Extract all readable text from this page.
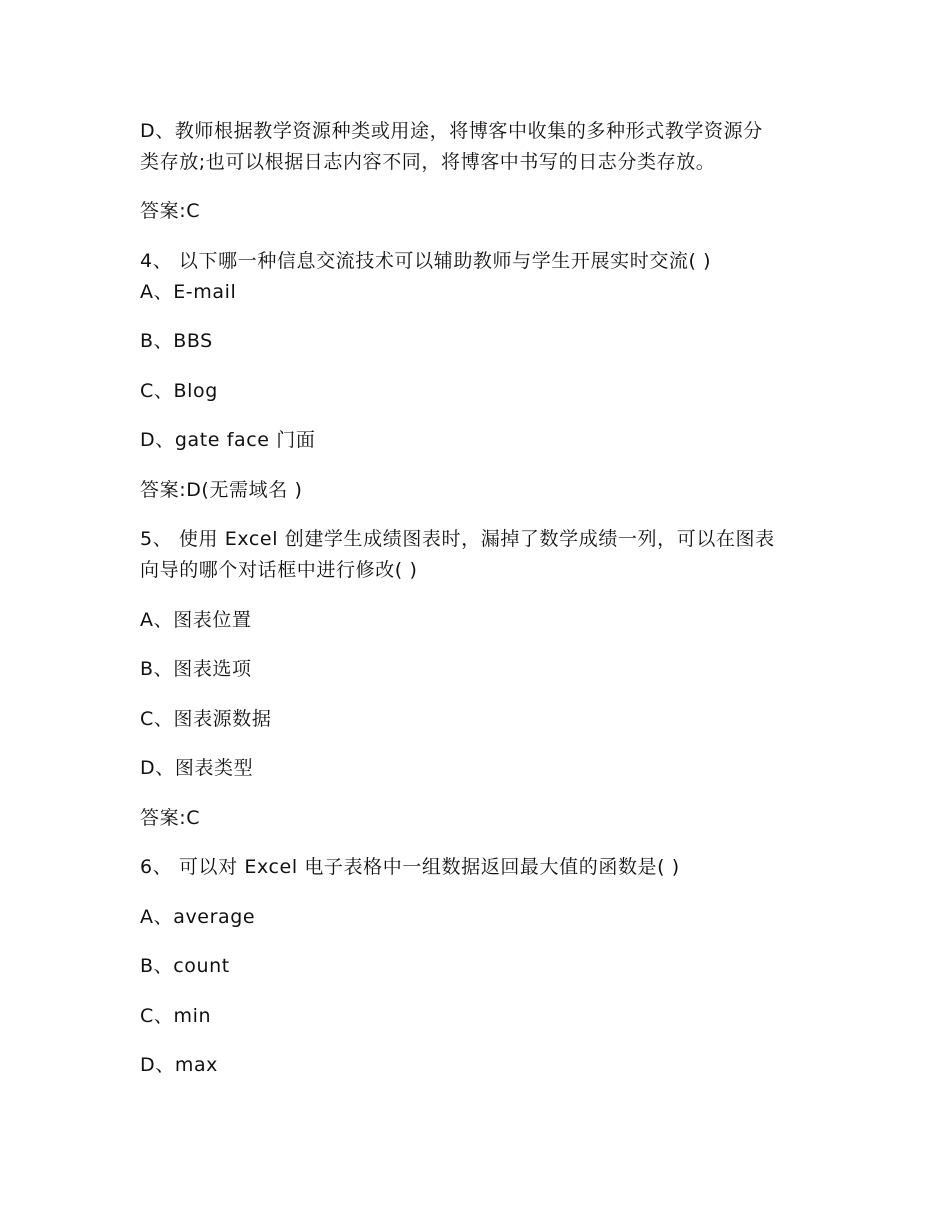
D、教师根据教学资源种类或用途，将博客中收集的多种形式教学资源分
类存放;也可以根据日志内容不同，将博客中书写的日志分类存放。
答案:C
4、 以下哪一种信息交流技术可以辅助教师与学生开展实时交流( )
A、E-mail
B、BBS
C、Blog
D、gate face 门面
答案:D(无需域名 )
5、 使用 Excel 创建学生成绩图表时，漏掉了数学成绩一列，可以在图表
向导的哪个对话框中进行修改( )
A、图表位置
B、图表选项
C、图表源数据
D、图表类型
答案:C
6、 可以对 Excel 电子表格中一组数据返回最大值的函数是( )
A、average
B、count
C、min
D、max
